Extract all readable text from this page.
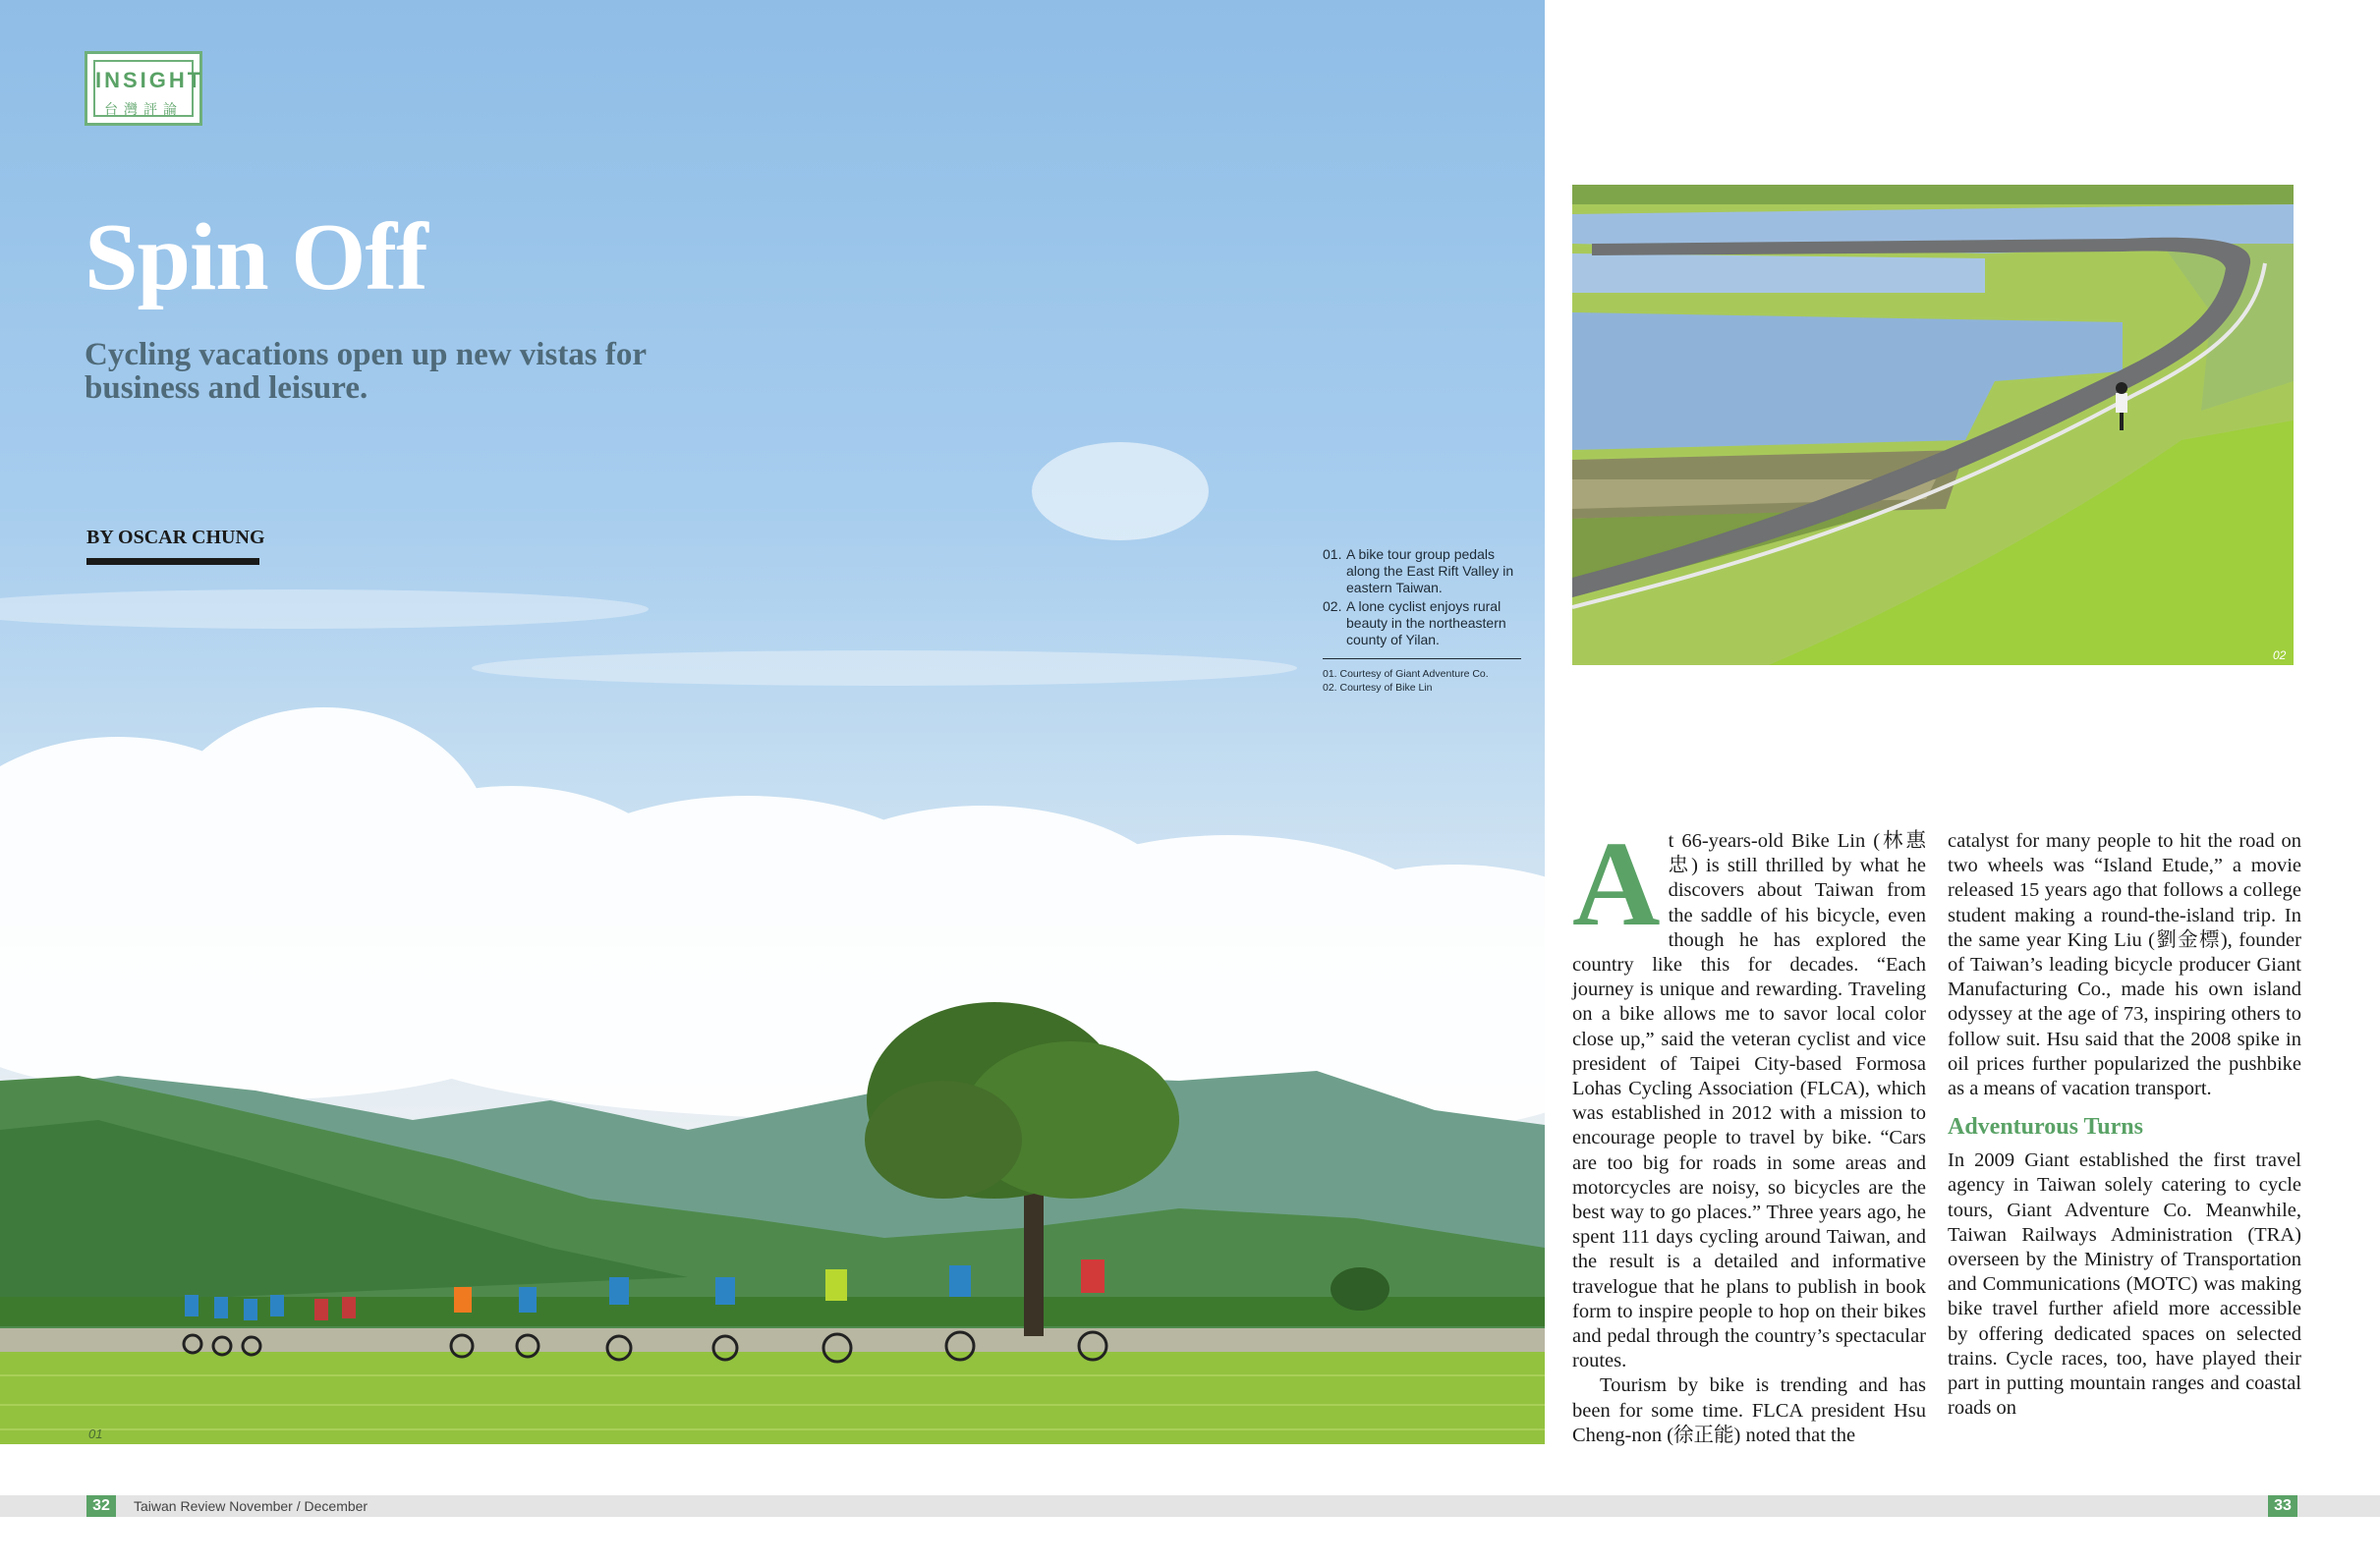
INSIGHT
台灣評論
Spin Off

Cycling vacations open up new vistas for business and leisure.

BY OSCAR CHUNG
01. A bike tour group pedals along the East Rift Valley in eastern Taiwan.
02. A lone cyclist enjoys rural beauty in the northeastern county of Yilan.
01. Courtesy of Giant Adventure Co.
02. Courtesy of Bike Lin
01
02

At 66-years-old Bike Lin (林惠忠) is still thrilled by what he discovers about Taiwan from the saddle of his bicycle, even though he has explored the country like this for decades. “Each journey is unique and rewarding. Traveling on a bike allows me to savor local color close up,” said the veteran cyclist and vice president of Taipei City-based Formosa Lohas Cycling Association (FLCA), which was established in 2012 with a mission to encourage people to travel by bike. “Cars are too big for roads in some areas and motorcycles are noisy, so bicycles are the best way to go places.” Three years ago, he spent 111 days cycling around Taiwan, and the result is a detailed and informative travelogue that he plans to publish in book form to inspire people to hop on their bikes and pedal through the country’s spectacular routes.

Tourism by bike is trending and has been for some time. FLCA president Hsu Cheng-non (徐正能) noted that the

catalyst for many people to hit the road on two wheels was “Island Etude,” a movie released 15 years ago that follows a college student making a round-the-island trip. In the same year King Liu (劉金標), founder of Taiwan’s leading bicycle producer Giant Manufacturing Co., made his own island odyssey at the age of 73, inspiring others to follow suit. Hsu said that the 2008 spike in oil prices further popularized the pushbike as a means of vacation transport.

Adventurous Turns

In 2009 Giant established the first travel agency in Taiwan solely catering to cycle tours, Giant Adventure Co. Meanwhile, Taiwan Railways Administration (TRA) overseen by the Ministry of Transportation and Communications (MOTC) was making bike travel further afield more accessible by offering dedicated spaces on selected trains. Cycle races, too, have played their part in putting mountain ranges and coastal roads on

32	Taiwan Review November / December	33
